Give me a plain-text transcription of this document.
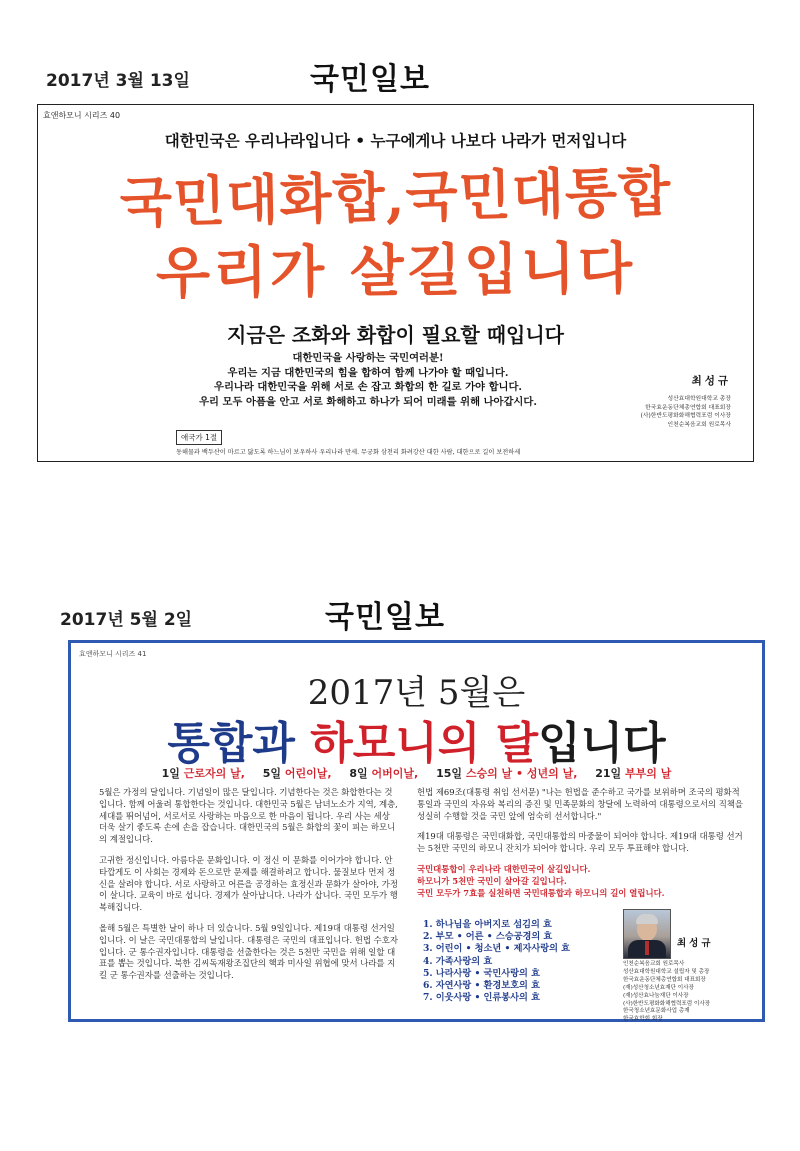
2017년 3월 13일	국민일보
효앤하모니 시리즈 40
대한민국은 우리나라입니다 • 누구에게나 나보다 나라가 먼저입니다
국민대화합,국민대통합
우리가 살길입니다
지금은 조화와 화합이 필요할 때입니다
대한민국을 사랑하는 국민여러분!
우리는 지금 대한민국의 힘을 합하여 함께 나가야 할 때입니다.
우리나라 대한민국을 위해 서로 손 잡고 화합의 한 길로 가야 합니다.
우리 모두 아픔을 안고 서로 화해하고 하나가 되어 미래를 위해 나아갑시다.
최성규
성산효대학원대학교 총장
한국효운동단체총연합회 대표회장
(사)한반도평화화해협력포럼 이사장
인천순복음교회 원로목사
애국가 1절
동해물과 백두산이 마르고 닳도록 하느님이 보우하사 우리나라 만세. 무궁화 삼천리 화려강산 대한 사람, 대한으로 길이 보전하세
2017년 5월 2일	국민일보
효앤하모니 시리즈 41
2017년 5월은
통합과 하모니의 달입니다
1일 근로자의 날, 5일 어린이날, 8일 어버이날, 15일 스승의 날 • 성년의 날, 21일 부부의 날

5월은 가정의 달입니다. 기념일이 많은 달입니다. 기념한다는 것은 화합한다는 것입니다. 함께 어울려 통합한다는 것입니다. 대한민국 5월은 남녀노소가 지역, 계층, 세대를 뛰어넘어, 서로서로 사랑하는 마음으로 한 마음이 됩니다. 우리 사는 세상 더욱 살기 좋도록 손에 손을 잡습니다. 대한민국의 5월은 화합의 꽃이 피는 하모니의 계절입니다.

고귀한 정신입니다. 아름다운 문화입니다. 이 정신 이 문화를 이어가야 합니다. 안타깝게도 이 사회는 경제와 돈으로만 문제를 해결하려고 합니다. 물질보다 먼저 정신을 살려야 합니다. 서로 사랑하고 어른을 공경하는 효정신과 문화가 살아야, 가정이 살니다. 교육이 바로 섭니다. 경제가 살아납니다. 나라가 삽니다. 국민 모두가 행복해집니다.

올해 5월은 특별한 날이 하나 더 있습니다. 5월 9일입니다. 제19대 대통령 선거일입니다. 이 날은 국민대통합의 날입니다. 대통령은 국민의 대표입니다. 헌법 수호자입니다. 군 통수권자입니다. 대통령을 선출한다는 것은 5천만 국민을 위해 일할 대표를 뽑는 것입니다. 북한 김씨독재왕조집단의 핵과 미사일 위협에 맞서 나라를 지킬 군 통수권자를 선출하는 것입니다.

헌법 제69조(대통령 취임 선서문) "나는 헌법을 준수하고 국가를 보위하며 조국의 평화적 통일과 국민의 자유와 복리의 증진 및 민족문화의 창달에 노력하여 대통령으로서의 직책을 성실히 수행할 것을 국민 앞에 엄숙히 선서합니다."

제19대 대통령은 국민대화합, 국민대통합의 마중물이 되어야 합니다. 제19대 대통령 선거는 5천만 국민의 하모니 잔치가 되어야 합니다. 우리 모두 투표해야 합니다.

국민대통합이 우리나라 대한민국이 살길입니다.
하모니가 5천만 국민이 살아갈 길입니다.
국민 모두가 7효를 실천하면 국민대통합과 하모니의 길이 열립니다.
1. 하나님을 아버지로 섬김의 효
2. 부모 • 어른 • 스승공경의 효
3. 어린이 • 청소년 • 제자사랑의 효
4. 가족사랑의 효
5. 나라사랑 • 국민사랑의 효
6. 자연사랑 • 환경보호의 효
7. 이웃사랑 • 인류봉사의 효
최성규
인천순복음교회 원로목사
성산효대학원대학교 설립자 및 총장
한국효운동단체총연합회 대표회장
(재)성산청소년효재단 이사장
(재)성산효나눔재단 이사장
(사)한반도평화화해협력포럼 이사장
한국청소년효문화사업 총재
한국효학회 회장
